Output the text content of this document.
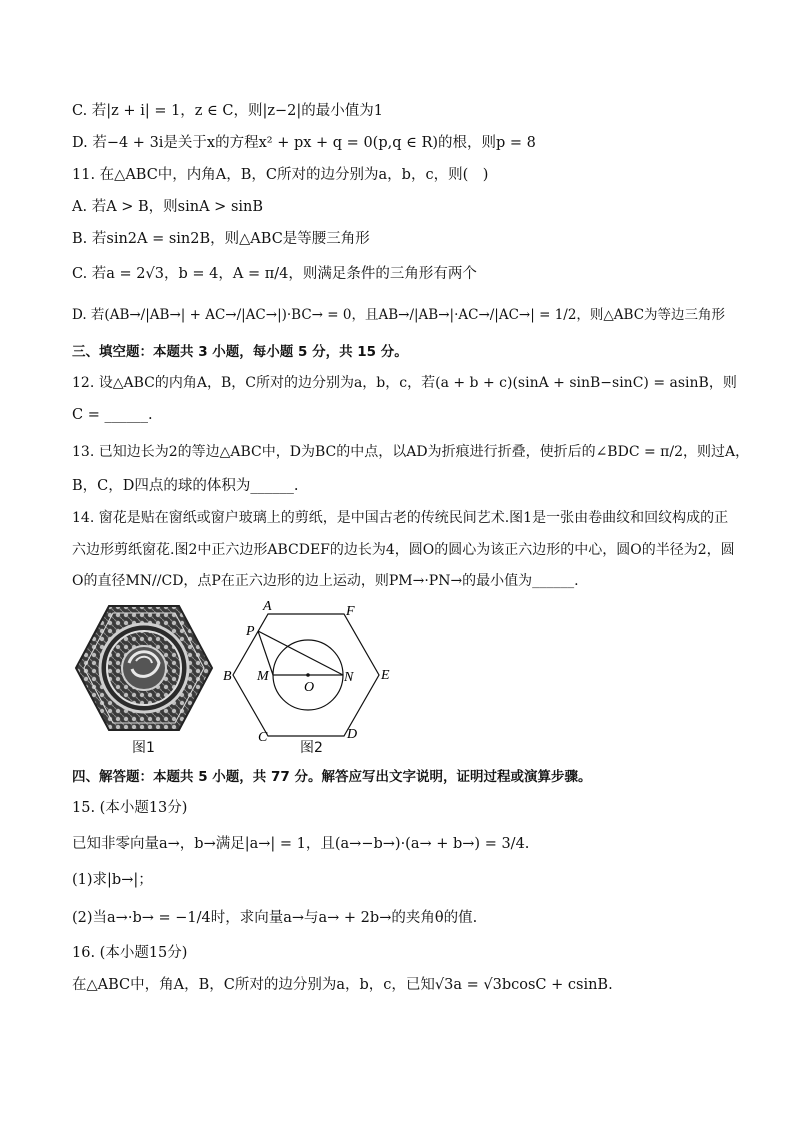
C. 若|z + i| = 1，z ∈ C，则|z−2|的最小值为1
D. 若−4 + 3i是关于x的方程x² + px + q = 0(p,q ∈ R)的根，则p = 8
11. 在△ABC中，内角A，B，C所对的边分别为a，b，c，则(　)
A. 若A > B，则sinA > sinB
B. 若sin2A = sin2B，则△ABC是等腰三角形
C. 若a = 2√3，b = 4，A = π/4，则满足条件的三角形有两个
D. 若(AB→/|AB→| + AC→/|AC→|)·BC→ = 0，且AB→/|AB→|·AC→/|AC→| = 1/2，则△ABC为等边三角形
三、填空题：本题共 3 小题，每小题 5 分，共 15 分。
12. 设△ABC的内角A，B，C所对的边分别为a，b，c，若(a + b + c)(sinA + sinB−sinC) = asinB，则
C = ______.
13. 已知边长为2的等边△ABC中，D为BC的中点，以AD为折痕进行折叠，使折后的∠BDC = π/2，则过A，
B，C，D四点的球的体积为______.
14. 窗花是贴在窗纸或窗户玻璃上的剪纸，是中国古老的传统民间艺术.图1是一张由卷曲纹和回纹构成的正
六边形剪纸窗花.图2中正六边形ABCDEF的边长为4，圆O的圆心为该正六边形的中心，圆O的半径为2，圆
O的直径MN//CD，点P在正六边形的边上运动，则PM→·PN→的最小值为______.
图1
A	F
P
B M
O
N E
C	D
图2
四、解答题：本题共 5 小题，共 77 分。解答应写出文字说明，证明过程或演算步骤。
15. (本小题13分)
已知非零向量a→，b→满足|a→| = 1，且(a→−b→)·(a→ + b→) = 3/4.
(1)求|b→|；
(2)当a→·b→ = −1/4时，求向量a→与a→ + 2b→的夹角θ的值.
16. (本小题15分)
在△ABC中，角A，B，C所对的边分别为a，b，c，已知√3a = √3bcosC + csinB.
